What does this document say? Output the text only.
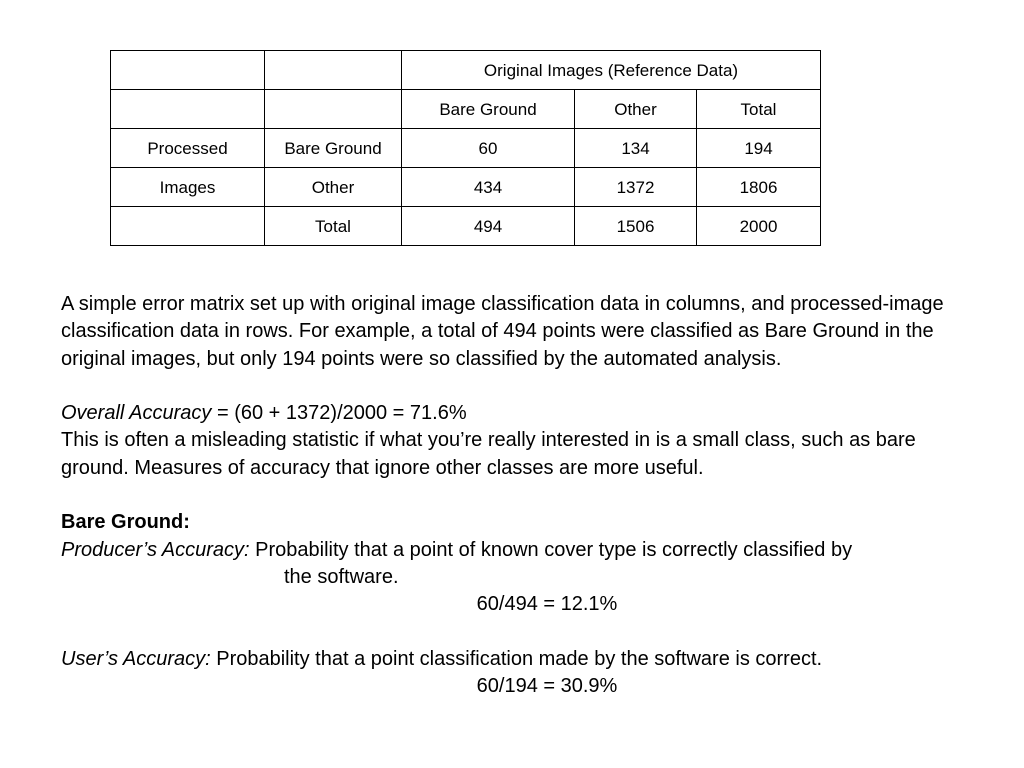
		Original Images (Reference Data)		
		Bare Ground	Other	Total
Processed	Bare Ground	60	134	194
Images	Other	434	1372	1806
	Total	494	1506	2000

A simple error matrix set up with original image classification data in columns, and processed-image classification data in rows. For example, a total of 494 points were classified as Bare Ground in the original images, but only 194 points were so classified by the automated analysis.

Overall Accuracy = (60 + 1372)/2000 = 71.6%

This is often a misleading statistic if what you’re really interested in is a small class, such as bare ground. Measures of accuracy that ignore other classes are more useful.

Bare Ground:

Producer’s Accuracy: Probability that a point of known cover type is correctly classified by

the software.

60/494 = 12.1%

User’s Accuracy: Probability that a point classification made by the software is correct.

60/194 = 30.9%
